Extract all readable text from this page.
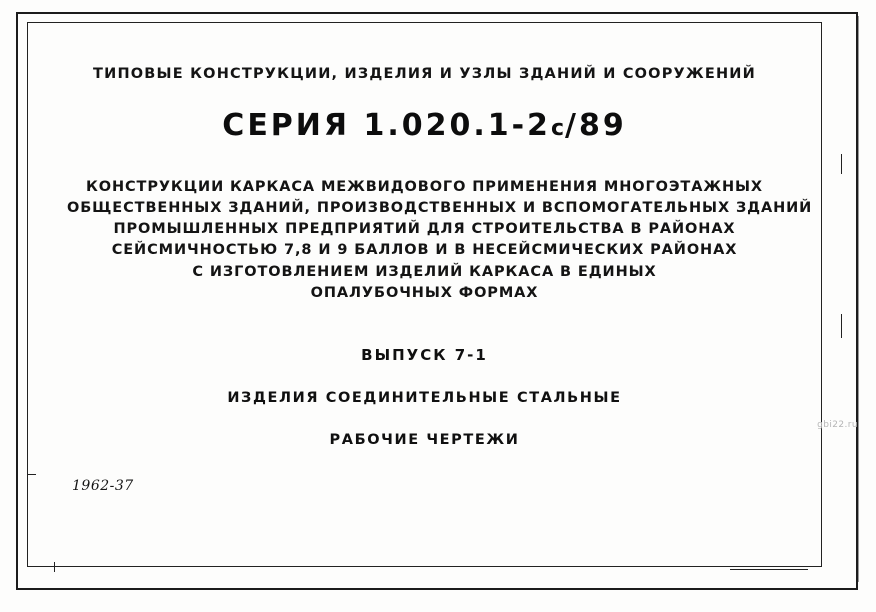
ТИПОВЫЕ КОНСТРУКЦИИ, ИЗДЕЛИЯ И УЗЛЫ ЗДАНИЙ И СООРУЖЕНИЙ
СЕРИЯ 1.020.1-2с/89
КОНСТРУКЦИИ КАРКАСА МЕЖВИДОВОГО ПРИМЕНЕНИЯ МНОГОЭТАЖНЫХ
ОБЩЕСТВЕННЫХ ЗДАНИЙ, ПРОИЗВОДСТВЕННЫХ И ВСПОМОГАТЕЛЬНЫХ ЗДАНИЙ
ПРОМЫШЛЕННЫХ ПРЕДПРИЯТИЙ ДЛЯ СТРОИТЕЛЬСТВА В РАЙОНАХ
СЕЙСМИЧНОСТЬЮ 7,8 И 9 БАЛЛОВ И В НЕСЕЙСМИЧЕСКИХ РАЙОНАХ
С ИЗГОТОВЛЕНИЕМ ИЗДЕЛИЙ КАРКАСА В ЕДИНЫХ
ОПАЛУБОЧНЫХ ФОРМАХ
ВЫПУСК 7-1
ИЗДЕЛИЯ СОЕДИНИТЕЛЬНЫЕ СТАЛЬНЫЕ
РАБОЧИЕ ЧЕРТЕЖИ
1962-37
gbi22.ru
